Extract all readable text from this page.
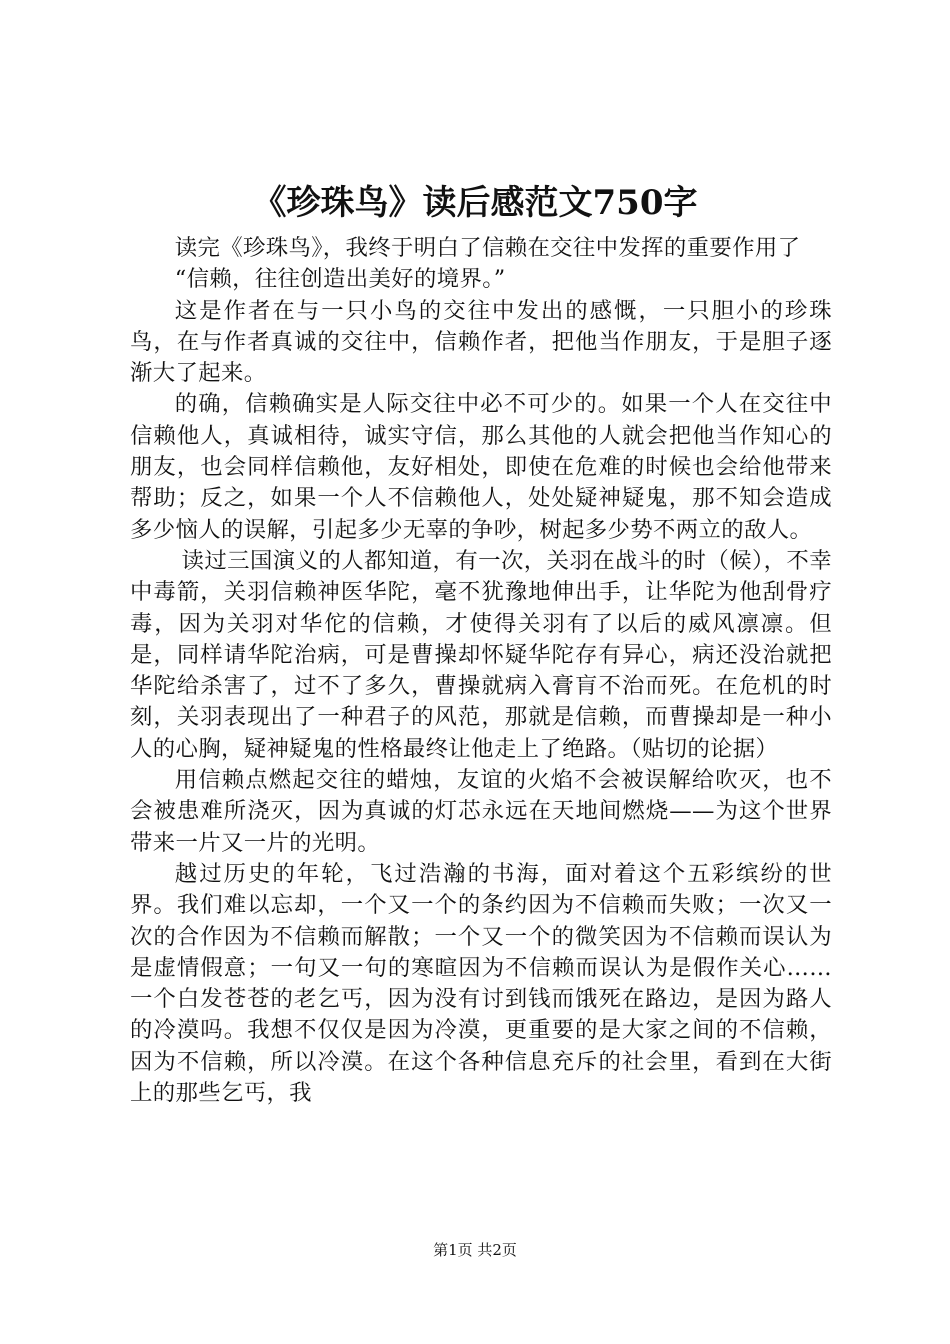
《珍珠鸟》读后感范文750字

读完《珍珠鸟》，我终于明白了信赖在交往中发挥的重要作用了

“信赖，往往创造出美好的境界。”

这是作者在与一只小鸟的交往中发出的感慨，一只胆小的珍珠鸟，在与作者真诚的交往中，信赖作者，把他当作朋友，于是胆子逐渐大了起来。

的确，信赖确实是人际交往中必不可少的。如果一个人在交往中信赖他人，真诚相待，诚实守信，那么其他的人就会把他当作知心的朋友，也会同样信赖他，友好相处，即使在危难的时候也会给他带来帮助；反之，如果一个人不信赖他人，处处疑神疑鬼，那不知会造成多少恼人的误解，引起多少无辜的争吵，树起多少势不两立的敌人。

读过三国演义的人都知道，有一次，关羽在战斗的时（候），不幸中毒箭，关羽信赖神医华陀，毫不犹豫地伸出手，让华陀为他刮骨疗毒，因为关羽对华佗的信赖，才使得关羽有了以后的威风凛凛。但是，同样请华陀治病，可是曹操却怀疑华陀存有异心，病还没治就把华陀给杀害了，过不了多久，曹操就病入膏肓不治而死。在危机的时刻，关羽表现出了一种君子的风范，那就是信赖，而曹操却是一种小人的心胸，疑神疑鬼的性格最终让他走上了绝路。（贴切的论据）

用信赖点燃起交往的蜡烛，友谊的火焰不会被误解给吹灭，也不会被患难所浇灭，因为真诚的灯芯永远在天地间燃烧——为这个世界带来一片又一片的光明。

越过历史的年轮，飞过浩瀚的书海，面对着这个五彩缤纷的世界。我们难以忘却，一个又一个的条约因为不信赖而失败；一次又一次的合作因为不信赖而解散；一个又一个的微笑因为不信赖而误认为是虚情假意；一句又一句的寒暄因为不信赖而误认为是假作关心……一个白发苍苍的老乞丐，因为没有讨到钱而饿死在路边，是因为路人的冷漠吗。我想不仅仅是因为冷漠，更重要的是大家之间的不信赖，因为不信赖，所以冷漠。在这个各种信息充斥的社会里，看到在大街上的那些乞丐，我

第1页 共2页
